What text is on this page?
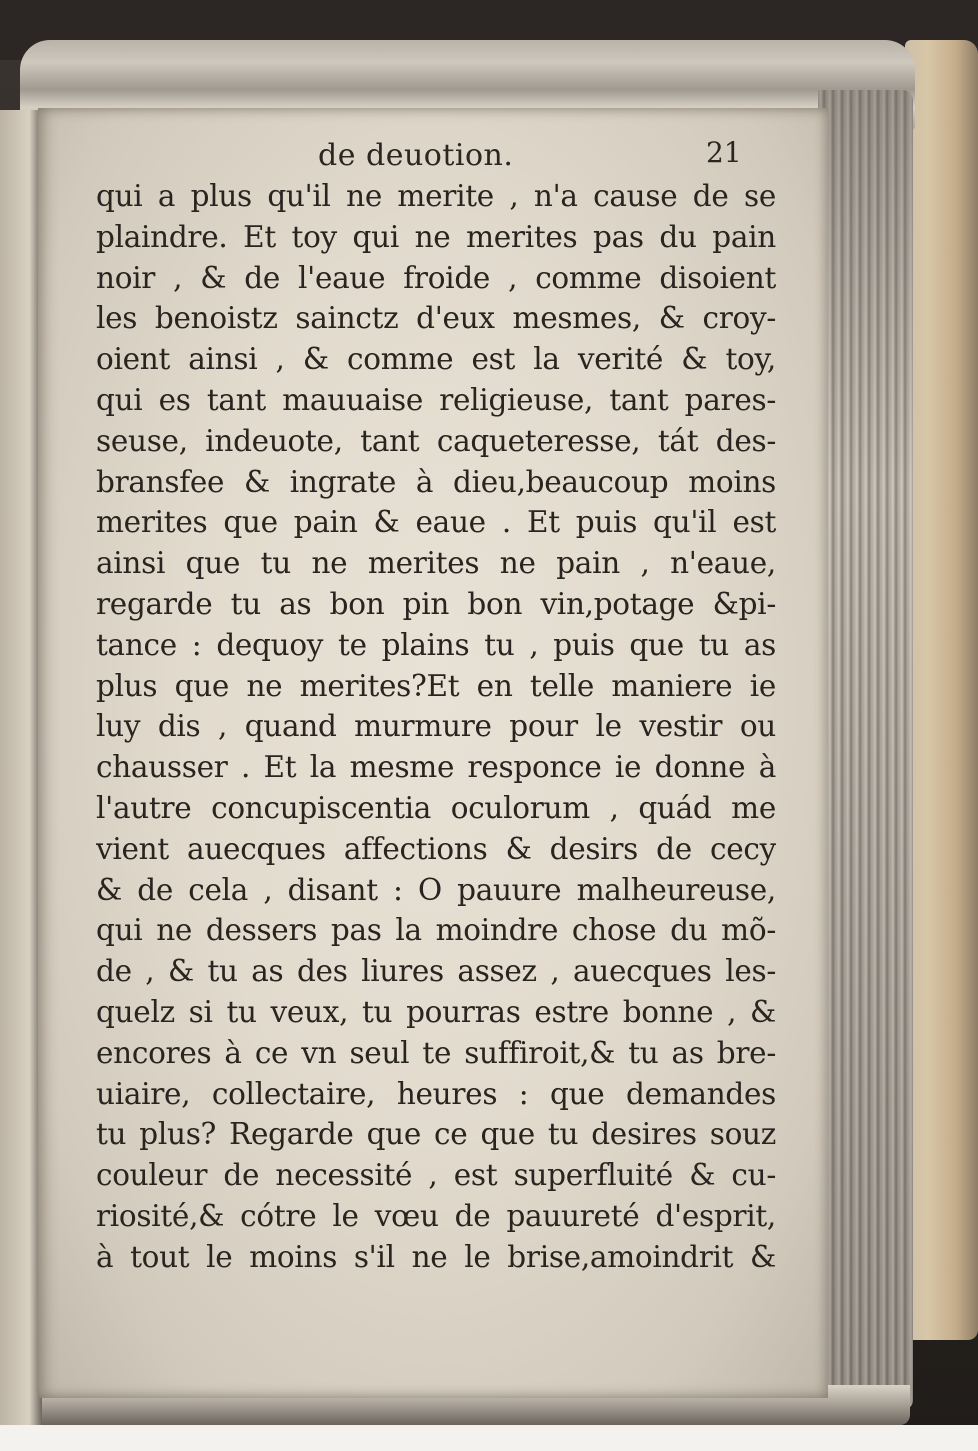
de deuotion.	21
qui a plus qu'il ne merite , n'a cause de se
plaindre. Et toy qui ne merites pas du pain
noir , & de l'eaue froide , comme disoient
les benoistz sainctz d'eux mesmes, & croy-
oient ainsi , & comme est la verité & toy,
qui es tant mauuaise religieuse, tant pares-
seuse, indeuote, tant caqueteresse, tát des-
bransfee & ingrate à dieu,beaucoup moins
merites que pain & eaue . Et puis qu'il est
ainsi que tu ne merites ne pain , n'eaue,
regarde tu as bon pin bon vin,potage &pi-
tance : dequoy te plains tu , puis que tu as
plus que ne merites?Et en telle maniere ie
luy dis , quand murmure pour le vestir ou
chausser . Et la mesme responce ie donne à
l'autre concupiscentia oculorum , quád me
vient auecques affections & desirs de cecy
& de cela , disant : O pauure malheureuse,
qui ne dessers pas la moindre chose du mõ-
de , & tu as des liures assez , auecques les-
quelz si tu veux, tu pourras estre bonne , &
encores à ce vn seul te suffiroit,& tu as bre-
uiaire, collectaire, heures : que demandes
tu plus? Regarde que ce que tu desires souz
couleur de necessité , est superfluité & cu-
riosité,& cótre le vœu de pauureté d'esprit,
à tout le moins s'il ne le brise,amoindrit &
